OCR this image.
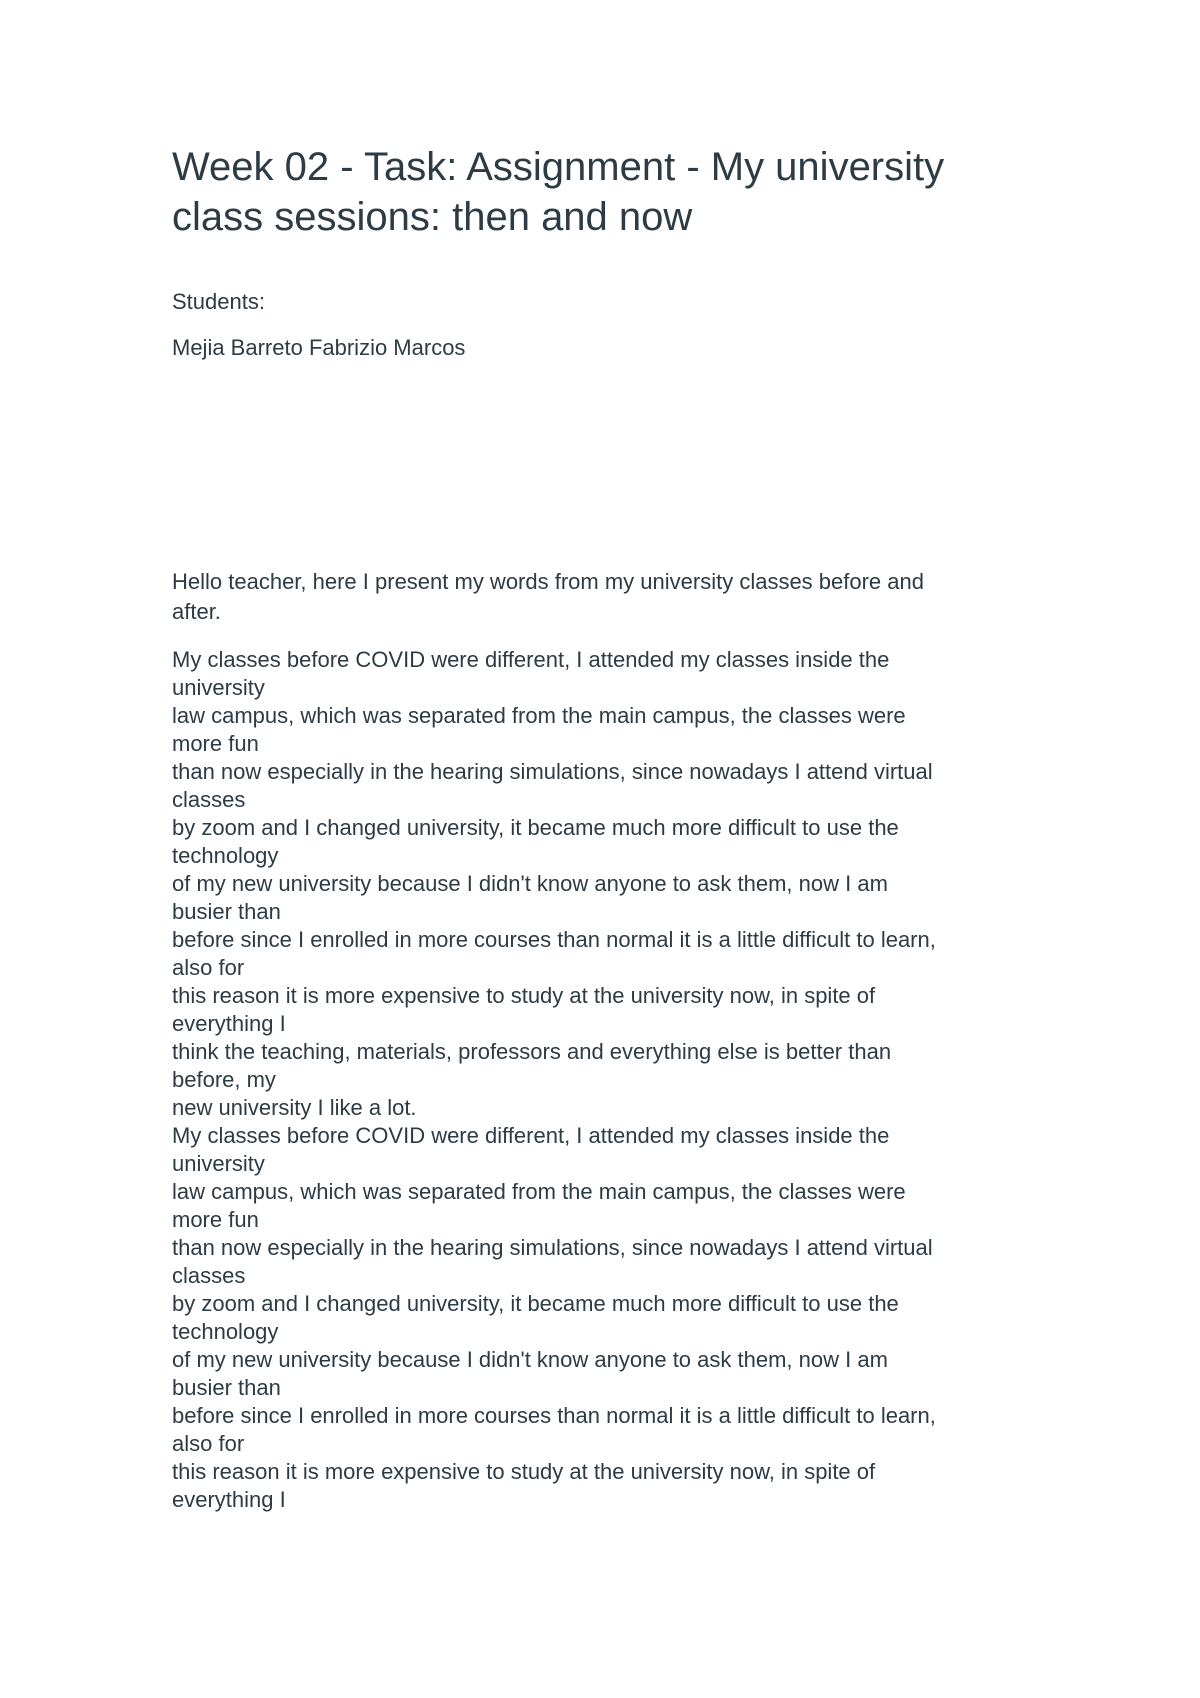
Week 02 - Task: Assignment - My university
class sessions: then and now

Students:

Mejia Barreto Fabrizio Marcos

Hello teacher, here I present my words from my university classes before and
after.

My classes before COVID were different, I attended my classes inside the
university
law campus, which was separated from the main campus, the classes were
more fun
than now especially in the hearing simulations, since nowadays I attend virtual
classes
by zoom and I changed university, it became much more difficult to use the
technology
of my new university because I didn't know anyone to ask them, now I am
busier than
before since I enrolled in more courses than normal it is a little difficult to learn,
also for
this reason it is more expensive to study at the university now, in spite of
everything I
think the teaching, materials, professors and everything else is better than
before, my
new university I like a lot.
My classes before COVID were different, I attended my classes inside the
university
law campus, which was separated from the main campus, the classes were
more fun
than now especially in the hearing simulations, since nowadays I attend virtual
classes
by zoom and I changed university, it became much more difficult to use the
technology
of my new university because I didn't know anyone to ask them, now I am
busier than
before since I enrolled in more courses than normal it is a little difficult to learn,
also for
this reason it is more expensive to study at the university now, in spite of
everything I
